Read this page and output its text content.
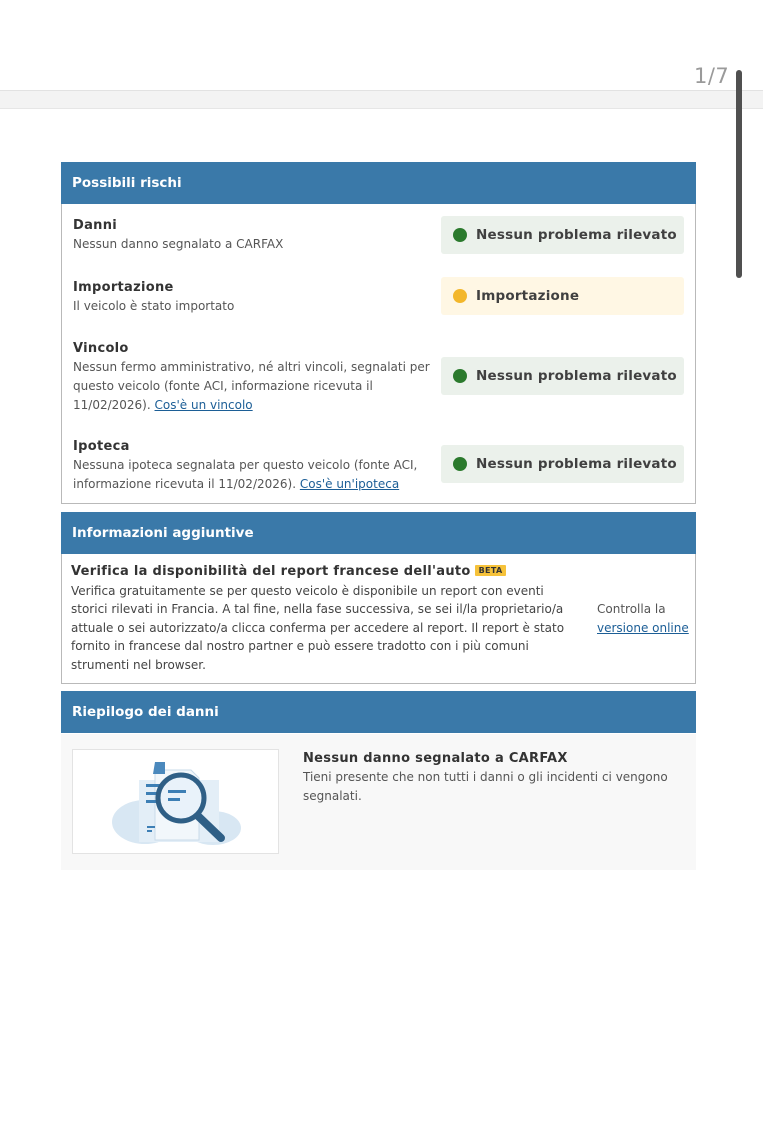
1/7
Possibili rischi
Danni
Nessun danno segnalato a CARFAX
Nessun problema rilevato
Importazione
Il veicolo è stato importato
Importazione
Vincolo
Nessun fermo amministrativo, né altri vincoli, segnalati per
questo veicolo (fonte ACI, informazione ricevuta il
11/02/2026). Cos'è un vincolo
Nessun problema rilevato
Ipoteca
Nessuna ipoteca segnalata per questo veicolo (fonte ACI,
informazione ricevuta il 11/02/2026). Cos'è un'ipoteca
Nessun problema rilevato
Informazioni aggiuntive
Verifica la disponibilità del report francese dell'auto BETA
Verifica gratuitamente se per questo veicolo è disponibile un report con eventi storici rilevati in Francia. A tal fine, nella fase successiva, se sei il/la proprietario/a attuale o sei autorizzato/a clicca conferma per accedere al report. Il report è stato fornito in francese dal nostro partner e può essere tradotto con i più comuni strumenti nel browser.
Controlla la
versione online
Riepilogo dei danni
Nessun danno segnalato a CARFAX
Tieni presente che non tutti i danni o gli incidenti ci vengono segnalati.
